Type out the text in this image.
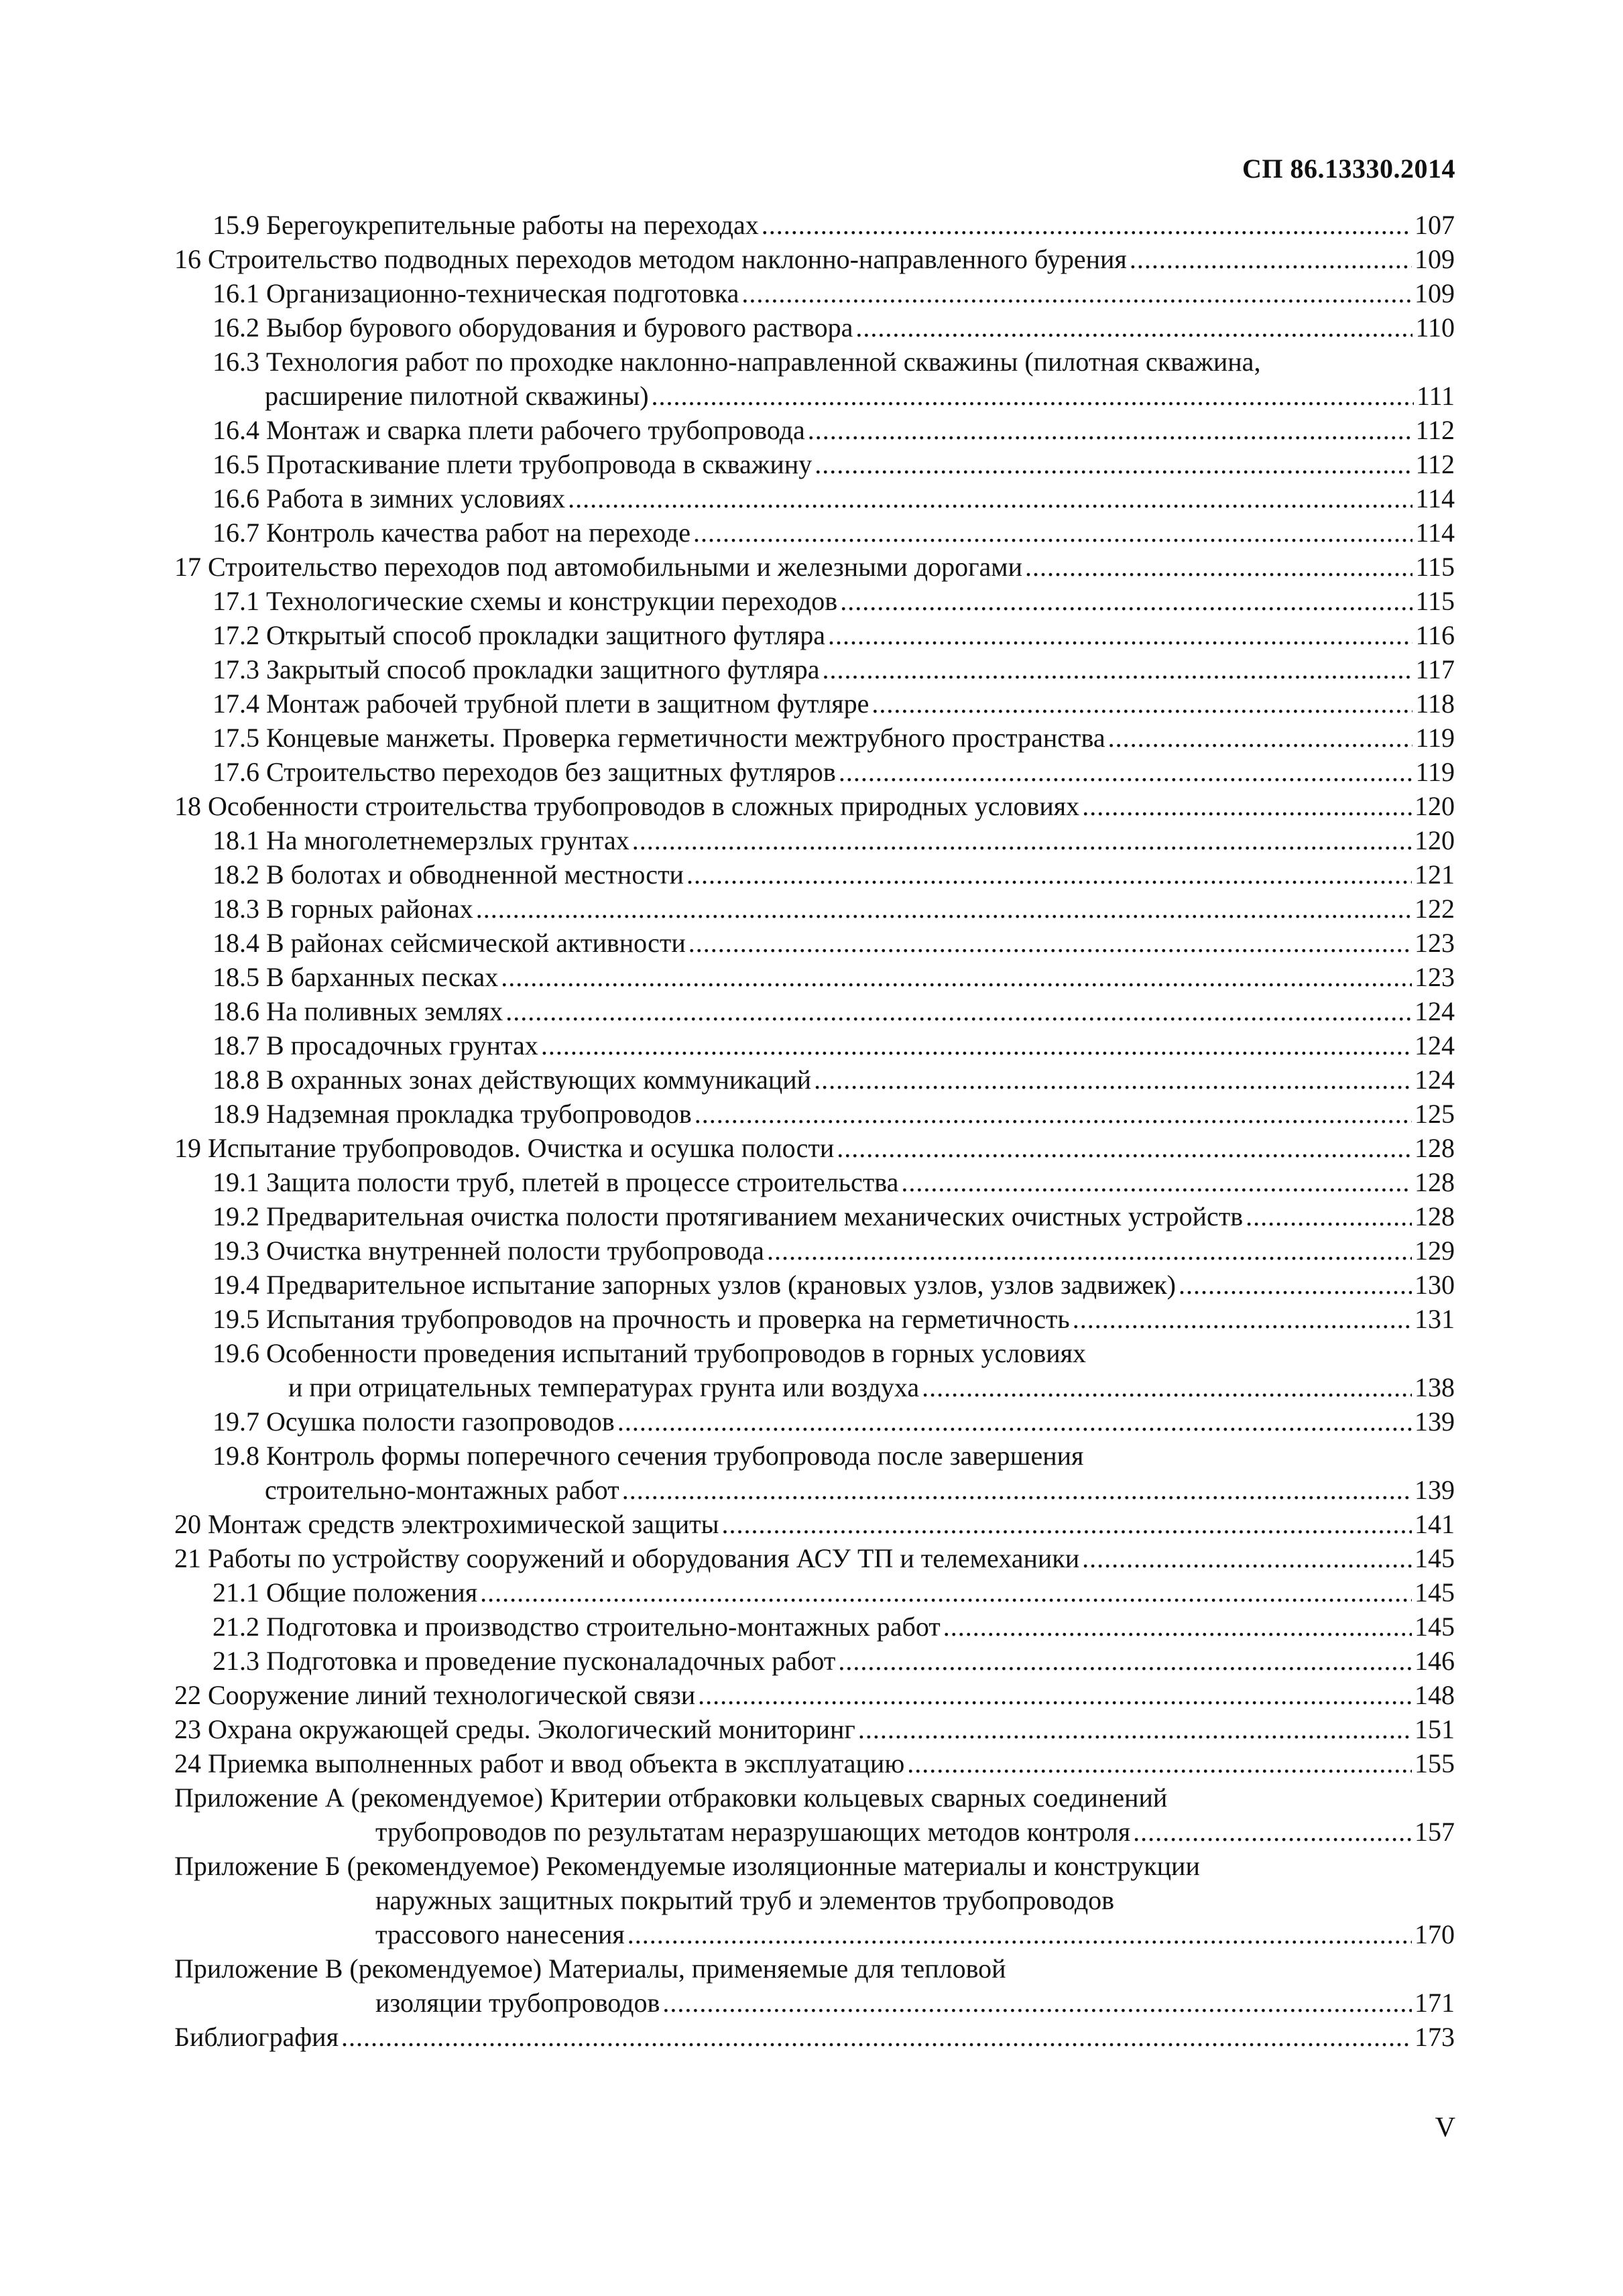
СП 86.13330.2014
15.9 Берегоукрепительные работы на переходах .....	107
16 Строительство подводных переходов методом наклонно-направленного бурения .....	109
16.1 Организационно-техническая подготовка .....	109
16.2 Выбор бурового оборудования и бурового раствора .....	110
16.3 Технология работ по проходке наклонно-направленной скважины (пилотная скважина,
расширение пилотной скважины) .....	111
16.4 Монтаж и сварка плети рабочего трубопровода .....	112
16.5 Протаскивание плети трубопровода в скважину .....	112
16.6 Работа в зимних условиях .....	114
16.7 Контроль качества работ на переходе .....	114
17 Строительство переходов под автомобильными и железными дорогами .....	115
17.1 Технологические схемы и конструкции переходов .....	115
17.2 Открытый способ прокладки защитного футляра .....	116
17.3 Закрытый способ прокладки защитного футляра .....	117
17.4 Монтаж рабочей трубной плети в защитном футляре .....	118
17.5 Концевые манжеты. Проверка герметичности межтрубного пространства .....	119
17.6 Строительство переходов без защитных футляров .....	119
18 Особенности строительства трубопроводов в сложных природных условиях .....	120
18.1 На многолетнемерзлых грунтах .....	120
18.2 В болотах и обводненной местности .....	121
18.3 В горных районах .....	122
18.4 В районах сейсмической активности .....	123
18.5 В барханных песках .....	123
18.6 На поливных землях .....	124
18.7 В просадочных грунтах .....	124
18.8 В охранных зонах действующих коммуникаций .....	124
18.9 Надземная прокладка трубопроводов .....	125
19 Испытание трубопроводов. Очистка и осушка полости .....	128
19.1 Защита полости труб, плетей в процессе строительства .....	128
19.2 Предварительная очистка полости протягиванием механических очистных устройств .....	128
19.3 Очистка внутренней полости трубопровода .....	129
19.4 Предварительное испытание запорных узлов (крановых узлов, узлов задвижек) .....	130
19.5 Испытания трубопроводов на прочность и проверка на герметичность .....	131
19.6 Особенности проведения испытаний трубопроводов в горных условиях
и при отрицательных температурах грунта или воздуха .....	138
19.7 Осушка полости газопроводов .....	139
19.8 Контроль формы поперечного сечения трубопровода после завершения
строительно-монтажных работ .....	139
20 Монтаж средств электрохимической защиты .....	141
21 Работы по устройству сооружений и оборудования АСУ ТП и телемеханики .....	145
21.1 Общие положения .....	145
21.2 Подготовка и производство строительно-монтажных работ .....	145
21.3 Подготовка и проведение пусконаладочных работ .....	146
22 Сооружение линий технологической связи .....	148
23 Охрана окружающей среды. Экологический мониторинг .....	151
24 Приемка выполненных работ и ввод объекта в эксплуатацию .....	155
Приложение А (рекомендуемое) Критерии отбраковки кольцевых сварных соединений
трубопроводов по результатам неразрушающих методов контроля .....	157
Приложение Б (рекомендуемое) Рекомендуемые изоляционные материалы и конструкции
наружных защитных покрытий труб и элементов трубопроводов
трассового нанесения .....	170
Приложение В (рекомендуемое) Материалы, применяемые для тепловой
изоляции трубопроводов .....	171
Библиография .....	173
V
